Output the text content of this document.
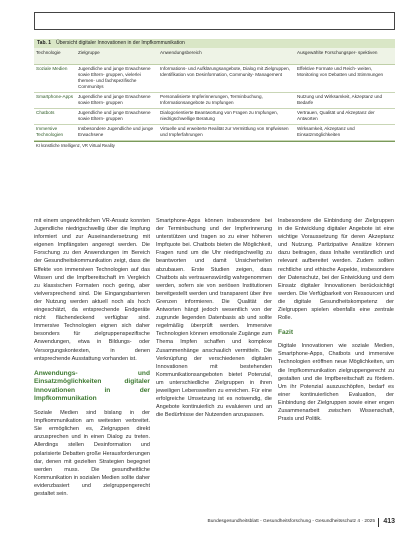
Tab. 1 Übersicht digitaler Innovationen in der Impfkommunikation
Technologie	Zielgruppe	Anwendungsbereich	Ausgewählte Forschungsper- spektiven
Soziale Medien	Jugendliche und junge Erwachsene sowie Eltern- gruppen, vielerlei themen- und fachspezifische Communitys	Informations- und Aufklärungsangebote, Dialog mit Zielgruppen, Identifikation von Desinformation, Community- Management	Effektive Formate und Reich- weiten, Monitoring von Debatten und Stimmungen
Smartphone-Apps	Jugendliche und junge Erwachsene sowie Eltern- gruppen	Personalisierte Impferinnerungen, Terminbuchung, Informationsangebote zu Impfungen	Nutzung und Wirksamkeit, Akzeptanz und Bedarfe
Chatbots	Jugendliche und junge Erwachsene sowie Eltern- gruppen	Dialogorientierte Beantwortung von Fragen zu Impfungen, niedrigschwellige Beratung	Vertrauen, Qualität und Akzeptanz der Antworten
Immersive Technologien	Insbesondere Jugendliche und junge Erwachsene	Virtuelle und erweiterte Realität zur Vermittlung von Impfwissen und Impferfahrungen	Wirksamkeit, Akzeptanz und Einsatzmöglichkeiten
KI künstliche Intelligenz, VR Virtual Reality

mit einem ungewöhnlichen VR-Ansatz konnten Jugendliche niedrigschwellig über die Impfung informiert und zur Auseinandersetzung mit eigenen Impfängsten angeregt werden. Die Forschung zu den Anwendungen im Bereich der Gesundheitskommunikation zeigt, dass die Effekte von immersiven Technologien auf das Wissen und die Impfbereitschaft im Vergleich zu klassischen Formaten noch gering, aber vielversprechend sind. Die Eingangsbarrieren der Nutzung werden aktuell noch als hoch eingeschätzt, da entsprechende Endgeräte nicht flächendeckend verfügbar sind. Immersive Technologien eignen sich daher besonders für zielgruppenspezifische Anwendungen, etwa in Bildungs- oder Versorgungskontexten, in denen entsprechende Ausstattung vorhanden ist.

Anwendungs- und Einsatzmöglichkeiten digitaler Innovationen in der Impfkommunikation

Soziale Medien sind bislang in der Impfkommunikation am weitesten verbreitet. Sie ermöglichen es, Zielgruppen direkt anzusprechen und in einen Dialog zu treten. Allerdings stellen Desinformation und polarisierte Debatten große Herausforderungen dar, denen mit gezielten Strategien begegnet werden muss. Die gesundheitliche Kommunikation in sozialen Medien sollte daher evidenzbasiert und zielgruppengerecht gestaltet sein.

Smartphone-Apps können insbesondere bei der Terminbuchung und der Impferinnerung unterstützen und tragen so zu einer höheren Impfquote bei. Chatbots bieten die Möglichkeit, Fragen rund um die Uhr niedrigschwellig zu beantworten und damit Unsicherheiten abzubauen. Erste Studien zeigen, dass Chatbots als vertrauenswürdig wahrgenommen werden, sofern sie von seriösen Institutionen bereitgestellt werden und transparent über ihre Grenzen informieren. Die Qualität der Antworten hängt jedoch wesentlich von der zugrunde liegenden Datenbasis ab und sollte regelmäßig überprüft werden. Immersive Technologien können emotionale Zugänge zum Thema Impfen schaffen und komplexe Zusammenhänge anschaulich vermitteln. Die Verknüpfung der verschiedenen digitalen Innovationen mit bestehenden Kommunikationsangeboten bietet Potenzial, um unterschiedliche Zielgruppen in ihren jeweiligen Lebenswelten zu erreichen. Für eine erfolgreiche Umsetzung ist es notwendig, die Angebote kontinuierlich zu evaluieren und an die Bedürfnisse der Nutzenden anzupassen.

Insbesondere die Einbindung der Zielgruppen in die Entwicklung digitaler Angebote ist eine wichtige Voraussetzung für deren Akzeptanz und Nutzung. Partizipative Ansätze können dazu beitragen, dass Inhalte verständlich und relevant aufbereitet werden. Zudem sollten rechtliche und ethische Aspekte, insbesondere der Datenschutz, bei der Entwicklung und dem Einsatz digitaler Innovationen berücksichtigt werden. Die Verfügbarkeit von Ressourcen und die digitale Gesundheitskompetenz der Zielgruppen spielen ebenfalls eine zentrale Rolle.

Fazit

Digitale Innovationen wie soziale Medien, Smartphone-Apps, Chatbots und immersive Technologien eröffnen neue Möglichkeiten, um die Impfkommunikation zielgruppengerecht zu gestalten und die Impfbereitschaft zu fördern. Um ihr Potenzial auszuschöpfen, bedarf es einer kontinuierlichen Evaluation, der Einbindung der Zielgruppen sowie einer engen Zusammenarbeit zwischen Wissenschaft, Praxis und Politik.

Bundesgesundheitsblatt - Gesundheitsforschung - Gesundheitsschutz 4 · 2025 413
